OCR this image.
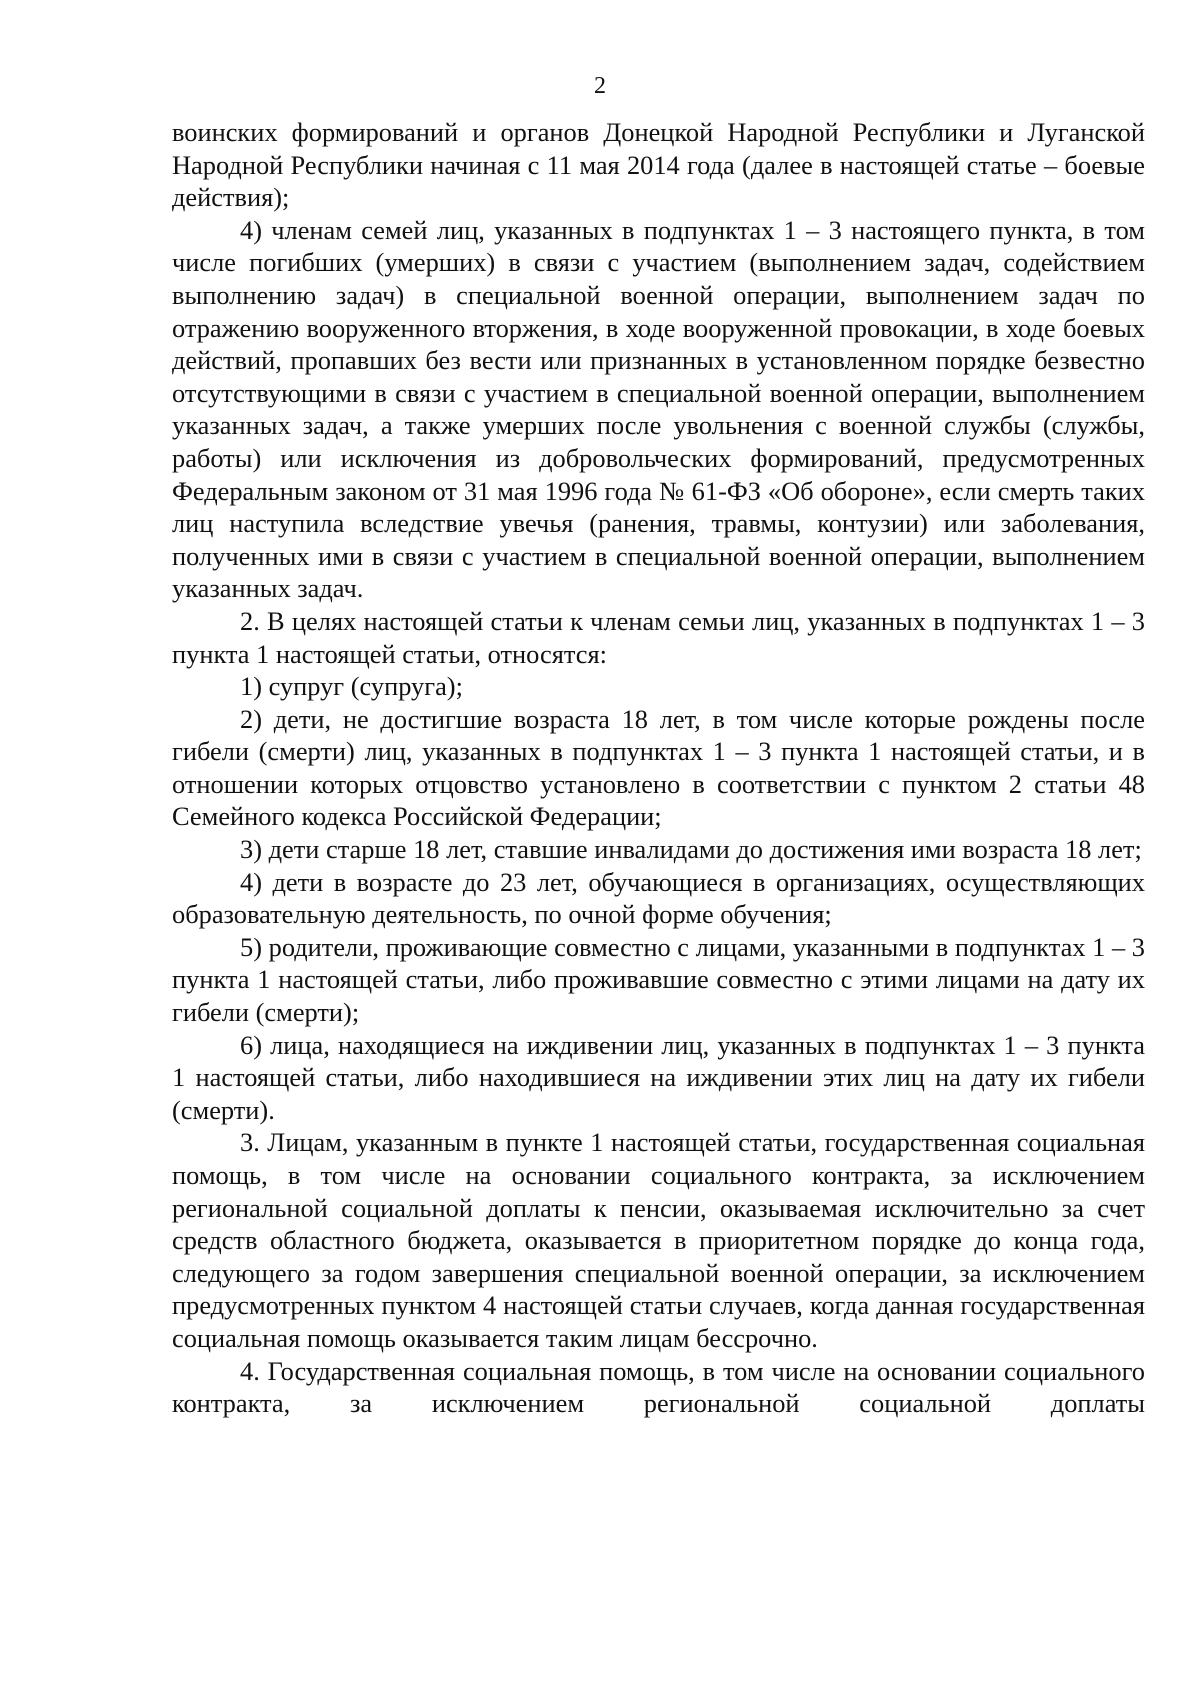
2

воинских формирований и органов Донецкой Народной Республики и Луганской Народной Республики начиная с 11 мая 2014 года (далее в настоящей статье – боевые действия);

4) членам семей лиц, указанных в подпунктах 1 – 3 настоящего пункта, в том числе погибших (умерших) в связи с участием (выполнением задач, содействием выполнению задач) в специальной военной операции, выполнением задач по отражению вооруженного вторжения, в ходе вооруженной провокации, в ходе боевых действий, пропавших без вести или признанных в установленном порядке безвестно отсутствующими в связи с участием в специальной военной операции, выполнением указанных задач, а также умерших после увольнения с военной службы (службы, работы) или исключения из добровольческих формирований, предусмотренных Федеральным законом от 31 мая 1996 года № 61-ФЗ «Об обороне», если смерть таких лиц наступила вследствие увечья (ранения, травмы, контузии) или заболевания, полученных ими в связи с участием в специальной военной операции, выполнением указанных задач.

2. В целях настоящей статьи к членам семьи лиц, указанных в подпунктах 1 – 3 пункта 1 настоящей статьи, относятся:

1) супруг (супруга);

2) дети, не достигшие возраста 18 лет, в том числе которые рождены после гибели (смерти) лиц, указанных в подпунктах 1 – 3 пункта 1 настоящей статьи, и в отношении которых отцовство установлено в соответствии с пунктом 2 статьи 48 Семейного кодекса Российской Федерации;

3) дети старше 18 лет, ставшие инвалидами до достижения ими возраста 18 лет;

4) дети в возрасте до 23 лет, обучающиеся в организациях, осуществляющих образовательную деятельность, по очной форме обучения;

5) родители, проживающие совместно с лицами, указанными в подпунктах 1 – 3 пункта 1 настоящей статьи, либо проживавшие совместно с этими лицами на дату их гибели (смерти);

6) лица, находящиеся на иждивении лиц, указанных в подпунктах 1 – 3 пункта 1 настоящей статьи, либо находившиеся на иждивении этих лиц на дату их гибели (смерти).

3. Лицам, указанным в пункте 1 настоящей статьи, государственная социальная помощь, в том числе на основании социального контракта, за исключением региональной социальной доплаты к пенсии, оказываемая исключительно за счет средств областного бюджета, оказывается в приоритетном порядке до конца года, следующего за годом завершения специальной военной операции, за исключением предусмотренных пунктом 4 настоящей статьи случаев, когда данная государственная социальная помощь оказывается таким лицам бессрочно.

4. Государственная социальная помощь, в том числе на основании социального контракта, за исключением региональной социальной доплаты
